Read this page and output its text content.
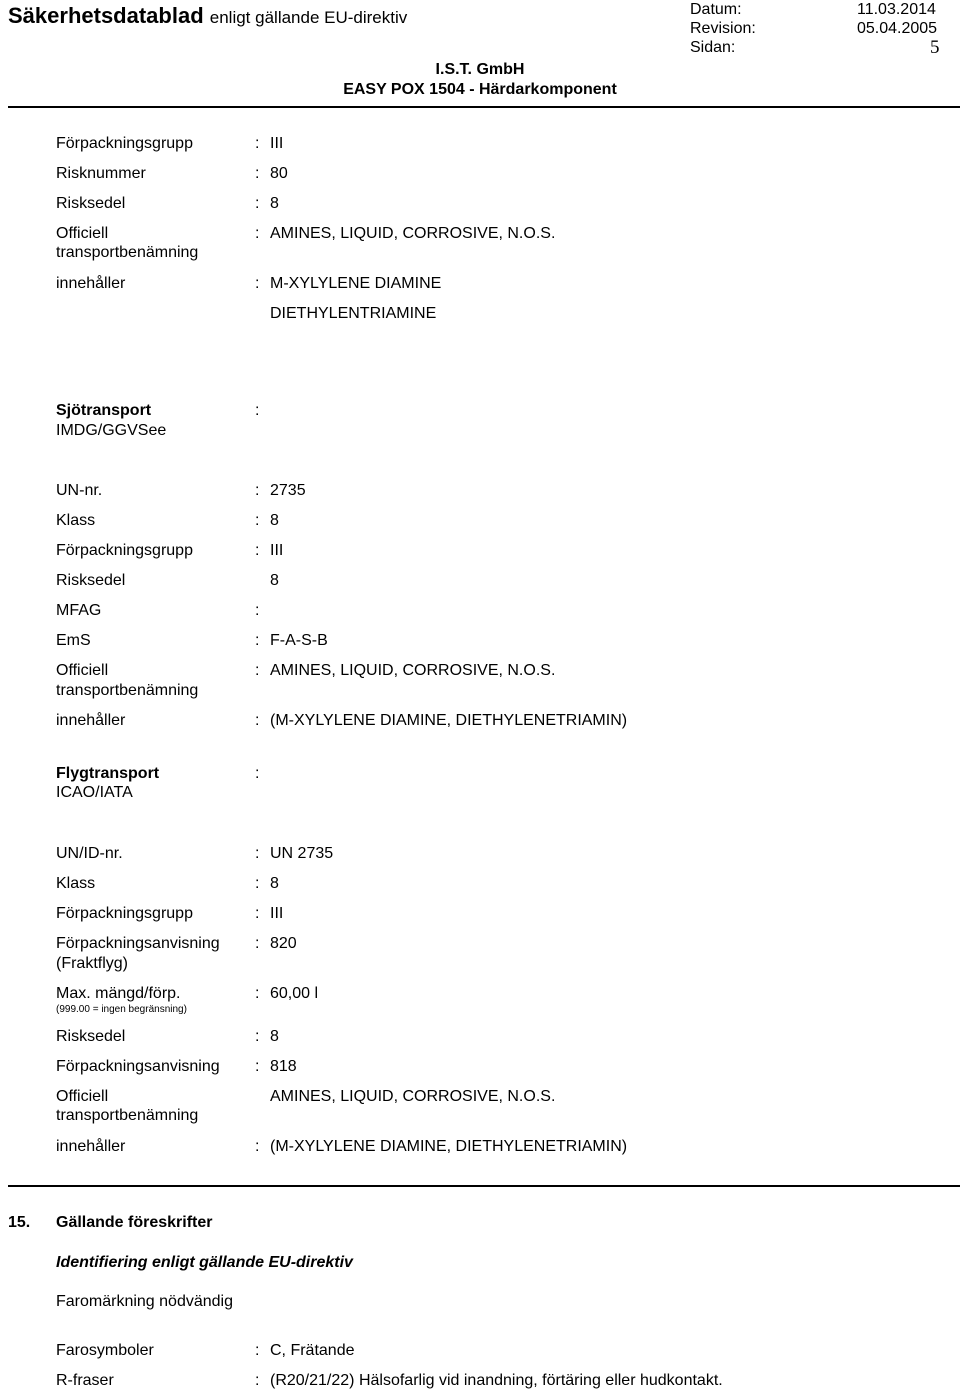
Säkerhetsdatablad enligt gällande EU-direktiv	Datum:	11.03.2014
Revision:	05.04.2005
Sidan:	5
I.S.T. GmbH
EASY POX 1504 - Härdarkomponent
Förpackningsgrupp	: III
Risknummer	: 80
Risksedel	: 8
Officiell
transportbenämning
: AMINES, LIQUID, CORROSIVE, N.O.S.
innehåller	: M-XYLYLENE DIAMINE
DIETHYLENTRIAMINE
Sjötransport
IMDG/GGVSee
:
UN-nr.	: 2735
Klass	: 8
Förpackningsgrupp	: III
Risksedel	8
MFAG	:
EmS	: F-A-S-B
Officiell
transportbenämning
: AMINES, LIQUID, CORROSIVE, N.O.S.
innehåller	: (M-XYLYLENE DIAMINE, DIETHYLENETRIAMIN)
Flygtransport
ICAO/IATA
:
UN/ID-nr.	: UN 2735
Klass	: 8
Förpackningsgrupp	: III
Förpackningsanvisning
(Fraktflyg)
: 820
Max. mängd/förp.
(999.00 = ingen begränsning)
: 60,00 l
Risksedel	: 8
Förpackningsanvisning : 818
Officiell
transportbenämning
AMINES, LIQUID, CORROSIVE, N.O.S.
innehåller	: (M-XYLYLENE DIAMINE, DIETHYLENETRIAMIN)
15. Gällande föreskrifter
Identifiering enligt gällande EU-direktiv
Faromärkning nödvändig
Farosymboler	: C, Frätande
R-fraser	: (R20/21/22) Hälsofarlig vid inandning, förtäring eller hudkontakt.
